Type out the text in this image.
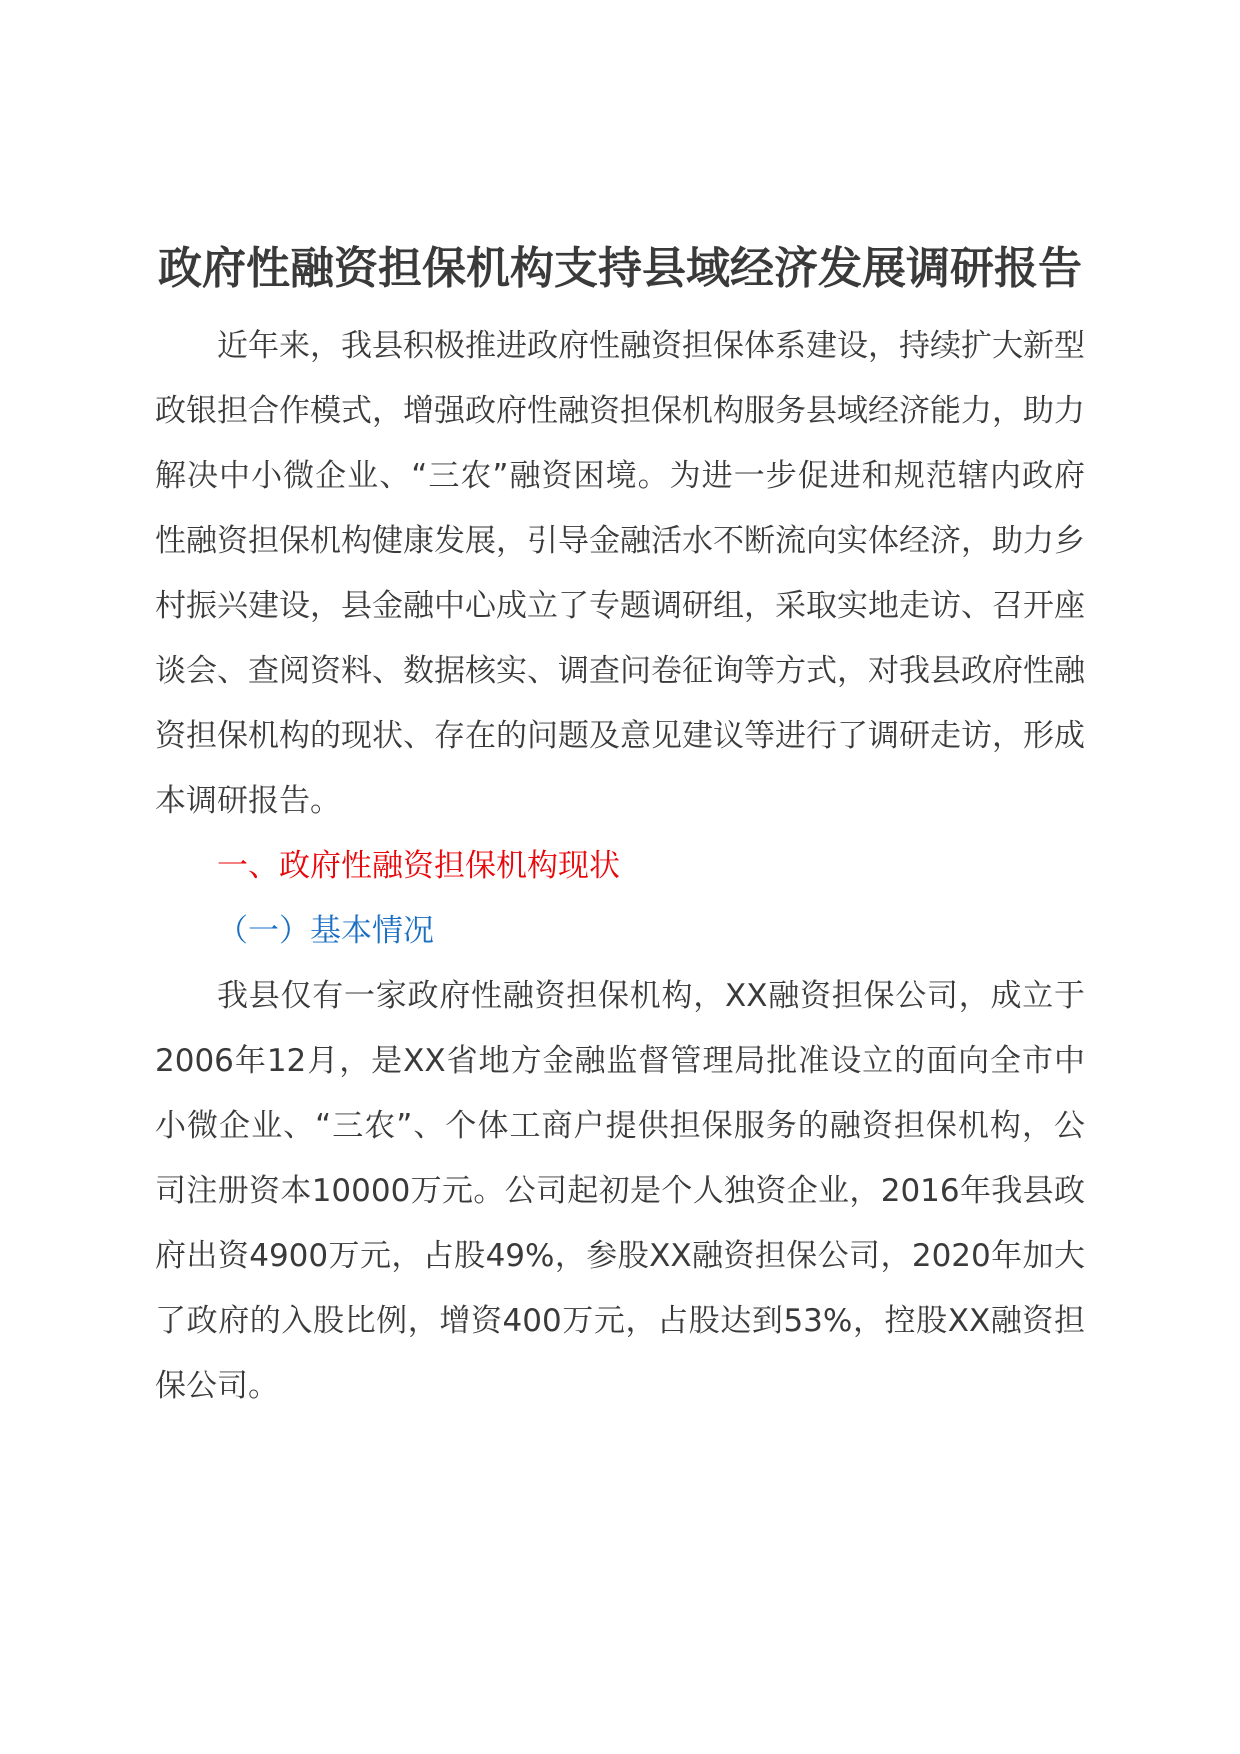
政府性融资担保机构支持县域经济发展调研报告

近年来，我县积极推进政府性融资担保体系建设，持续扩大新型政银担合作模式，增强政府性融资担保机构服务县域经济能力，助力解决中小微企业、“三农”融资困境。为进一步促进和规范辖内政府性融资担保机构健康发展，引导金融活水不断流向实体经济，助力乡村振兴建设，县金融中心成立了专题调研组，采取实地走访、召开座谈会、查阅资料、数据核实、调查问卷征询等方式，对我县政府性融资担保机构的现状、存在的问题及意见建议等进行了调研走访，形成本调研报告。

一、政府性融资担保机构现状

（一）基本情况

我县仅有一家政府性融资担保机构，XX融资担保公司，成立于2006年12月，是XX省地方金融监督管理局批准设立的面向全市中小微企业、“三农”、个体工商户提供担保服务的融资担保机构，公司注册资本10000万元。公司起初是个人独资企业，2016年我县政府出资4900万元，占股49%，参股XX融资担保公司，2020年加大了政府的入股比例，增资400万元，占股达到53%，控股XX融资担保公司。
